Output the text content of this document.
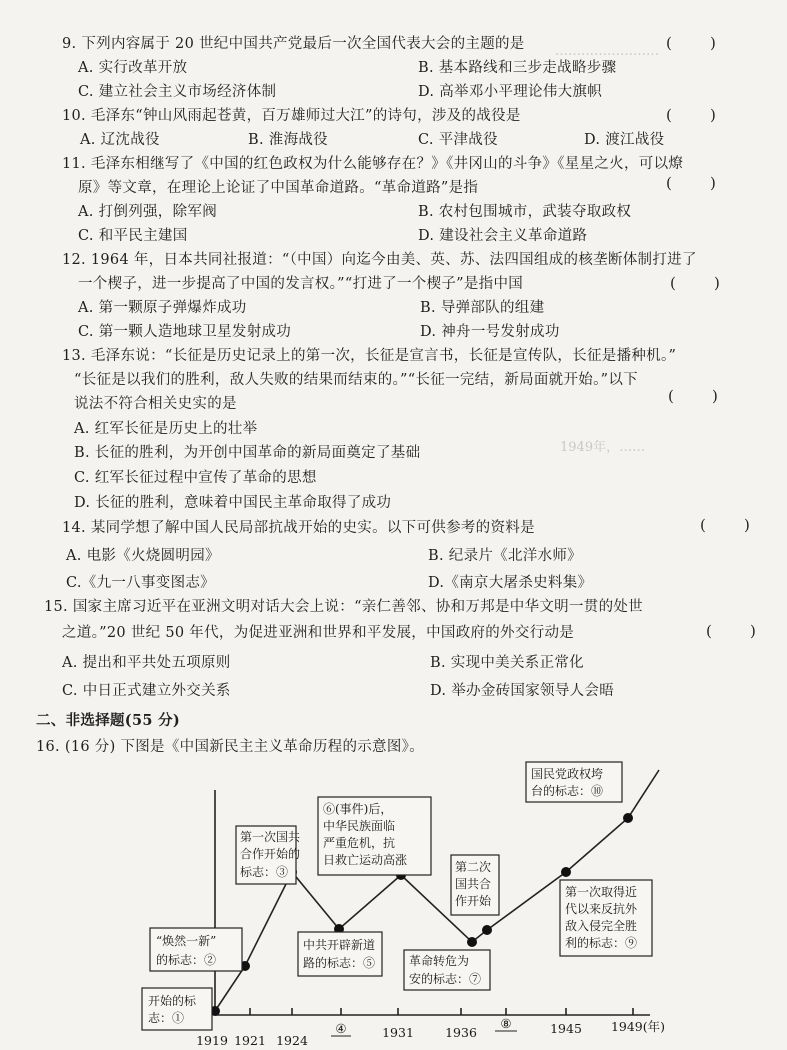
……………………
1949年，……
9. 下列内容属于 20 世纪中国共产党最后一次全国代表大会的主题的是	(        )
A. 实行改革开放	B. 基本路线和三步走战略步骤
C. 建立社会主义市场经济体制	D. 高举邓小平理论伟大旗帜
10. 毛泽东“钟山风雨起苍黄，百万雄师过大江”的诗句，涉及的战役是	(        )
A. 辽沈战役	B. 淮海战役	C. 平津战役	D. 渡江战役
11. 毛泽东相继写了《中国的红色政权为什么能够存在？》《井冈山的斗争》《星星之火，可以燎
原》等文章，在理论上论证了中国革命道路。“革命道路”是指	(        )
A. 打倒列强，除军阀	B. 农村包围城市，武装夺取政权
C. 和平民主建国	D. 建设社会主义革命道路
12. 1964 年，日本共同社报道：“（中国）向迄今由美、英、苏、法四国组成的核垄断体制打进了
一个楔子，进一步提高了中国的发言权。”“打进了一个楔子”是指中国	(        )
A. 第一颗原子弹爆炸成功	B. 导弹部队的组建
C. 第一颗人造地球卫星发射成功	D. 神舟一号发射成功
13. 毛泽东说：“长征是历史记录上的第一次，长征是宣言书，长征是宣传队，长征是播种机。”
“长征是以我们的胜利，敌人失败的结果而结束的。”“长征一完结，新局面就开始。”以下
说法不符合相关史实的是	(        )
A. 红军长征是历史上的壮举
B. 长征的胜利，为开创中国革命的新局面奠定了基础
C. 红军长征过程中宣传了革命的思想
D. 长征的胜利，意味着中国民主革命取得了成功
14. 某同学想了解中国人民局部抗战开始的史实。以下可供参考的资料是	(        )
A. 电影《火烧圆明园》	B. 纪录片《北洋水师》
C.《九一八事变图志》	D.《南京大屠杀史料集》
15. 国家主席习近平在亚洲文明对话大会上说：“亲仁善邻、协和万邦是中华文明一贯的处世
之道。”20 世纪 50 年代，为促进亚洲和世界和平发展，中国政府的外交行动是	(        )
A. 提出和平共处五项原则	B. 实现中美关系正常化
C. 中日正式建立外交关系	D. 举办金砖国家领导人会晤
二、非选择题(55 分)
16. (16 分) 下图是《中国新民主主义革命历程的示意图》。
开始的标
志：①
“焕然一新”
的标志：②
第一次国共
合作开始的
标志：③
⑥(事件)后，
中华民族面临
严重危机，抗
日救亡运动高涨
中共开辟新道
路的标志：⑤	革命转危为
安的标志：⑦
第二次
国共合
作开始
第一次取得近
代以来反抗外
敌入侵完全胜
利的标志：⑨
国民党政权垮
台的标志：⑩
1919 1921 1924
④	1931 1936
⑧	1945 1949(年)
